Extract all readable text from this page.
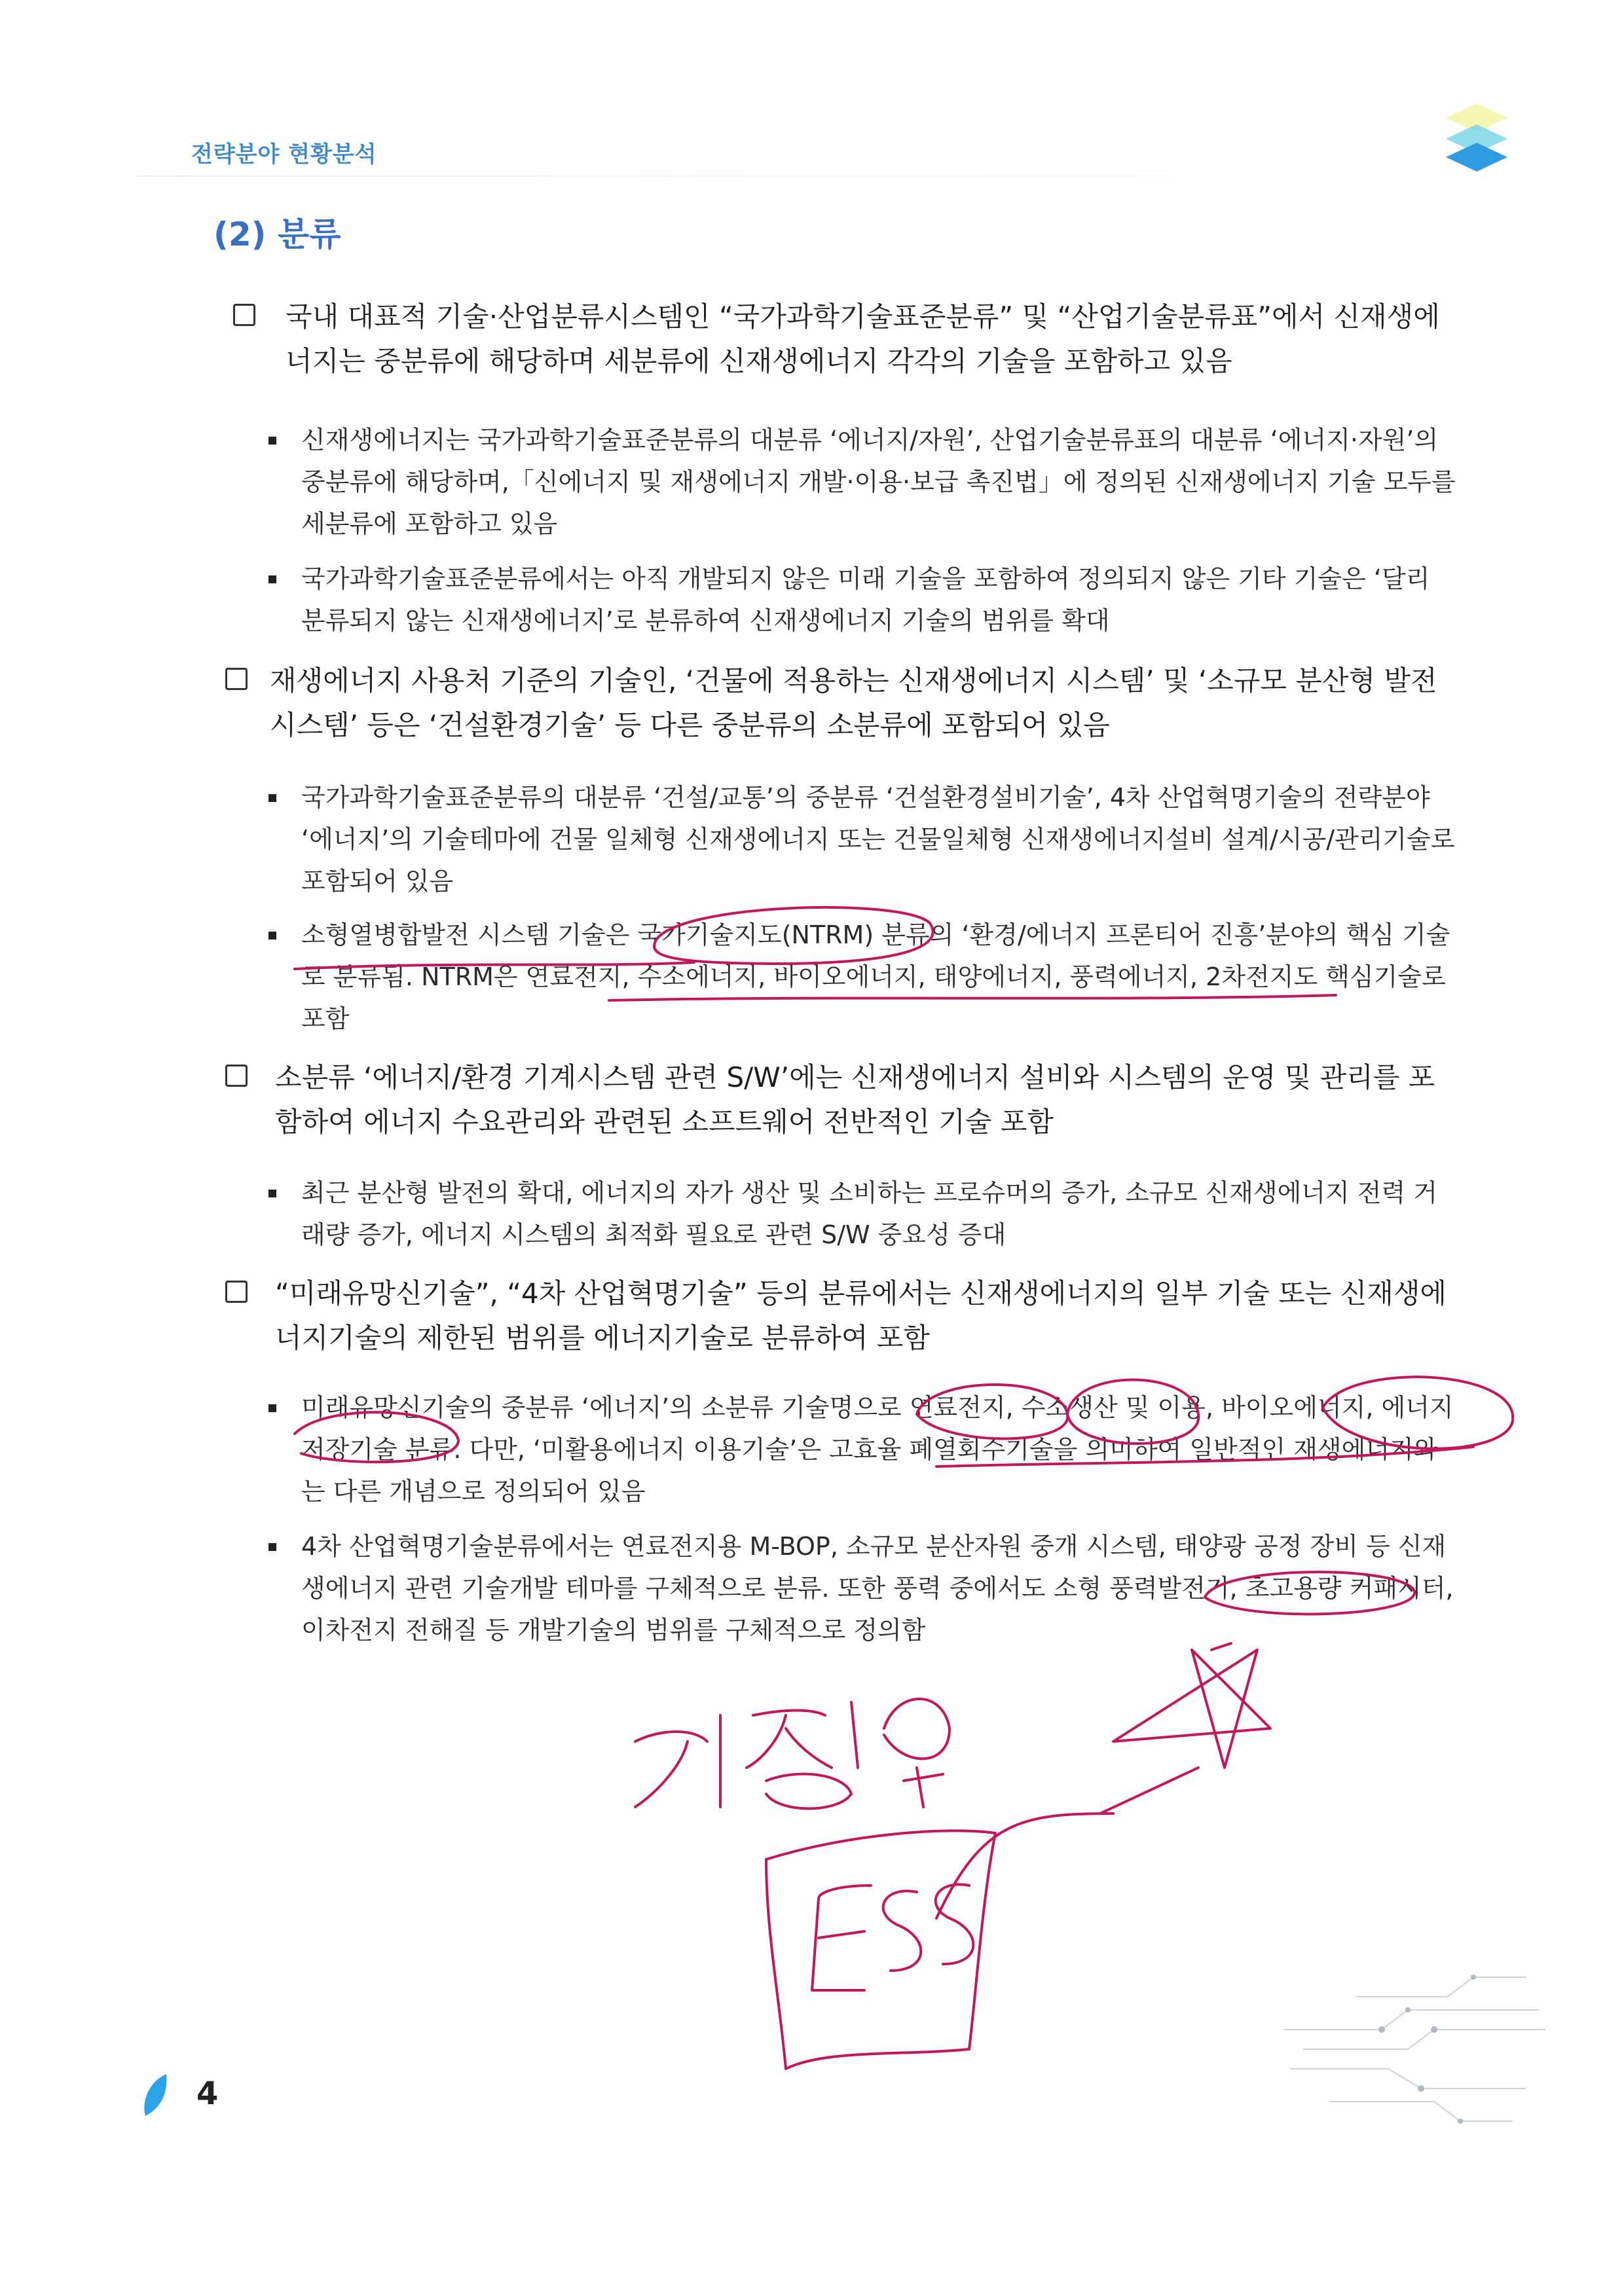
전략분야 현황분석
(2) 분류
국내 대표적 기술·산업분류시스템인 “국가과학기술표준분류” 및 “산업기술분류표”에서 신재생에너지는 중분류에 해당하며 세분류에 신재생에너지 각각의 기술을 포함하고 있음
신재생에너지는 국가과학기술표준분류의 대분류 ‘에너지/자원’, 산업기술분류표의 대분류 ‘에너지·자원’의 중분류에 해당하며,「신에너지 및 재생에너지 개발·이용·보급 촉진법」에 정의된 신재생에너지 기술 모두를 세분류에 포함하고 있음
국가과학기술표준분류에서는 아직 개발되지 않은 미래 기술을 포함하여 정의되지 않은 기타 기술은 ‘달리 분류되지 않는 신재생에너지’로 분류하여 신재생에너지 기술의 범위를 확대
재생에너지 사용처 기준의 기술인, ‘건물에 적용하는 신재생에너지 시스템’ 및 ‘소규모 분산형 발전시스템’ 등은 ‘건설환경기술’ 등 다른 중분류의 소분류에 포함되어 있음
국가과학기술표준분류의 대분류 ‘건설/교통’의 중분류 ‘건설환경설비기술’, 4차 산업혁명기술의 전략분야 ‘에너지’의 기술테마에 건물 일체형 신재생에너지 또는 건물일체형 신재생에너지설비 설계/시공/관리기술로 포함되어 있음
소형열병합발전 시스템 기술은 국가기술지도(NTRM) 분류의 ‘환경/에너지 프론티어 진흥’분야의 핵심 기술로 분류됨. NTRM은 연료전지, 수소에너지, 바이오에너지, 태양에너지, 풍력에너지, 2차전지도 핵심기술로 포함
소분류 ‘에너지/환경 기계시스템 관련 S/W’에는 신재생에너지 설비와 시스템의 운영 및 관리를 포함하여 에너지 수요관리와 관련된 소프트웨어 전반적인 기술 포함
최근 분산형 발전의 확대, 에너지의 자가 생산 및 소비하는 프로슈머의 증가, 소규모 신재생에너지 전력 거래량 증가, 에너지 시스템의 최적화 필요로 관련 S/W 중요성 증대
“미래유망신기술”, “4차 산업혁명기술” 등의 분류에서는 신재생에너지의 일부 기술 또는 신재생에너지기술의 제한된 범위를 에너지기술로 분류하여 포함
미래유망신기술의 중분류 ‘에너지’의 소분류 기술명으로 연료전지, 수소생산 및 이용, 바이오에너지, 에너지저장기술 분류. 다만, ‘미활용에너지 이용기술’은 고효율 폐열회수기술을 의미하여 일반적인 재생에너지와는 다른 개념으로 정의되어 있음
4차 산업혁명기술분류에서는 연료전지용 M-BOP, 소규모 분산자원 중개 시스템, 태양광 공정 장비 등 신재생에너지 관련 기술개발 테마를 구체적으로 분류. 또한 풍력 중에서도 소형 풍력발전기, 초고용량 커패시터, 이차전지 전해질 등 개발기술의 범위를 구체적으로 정의함
4
